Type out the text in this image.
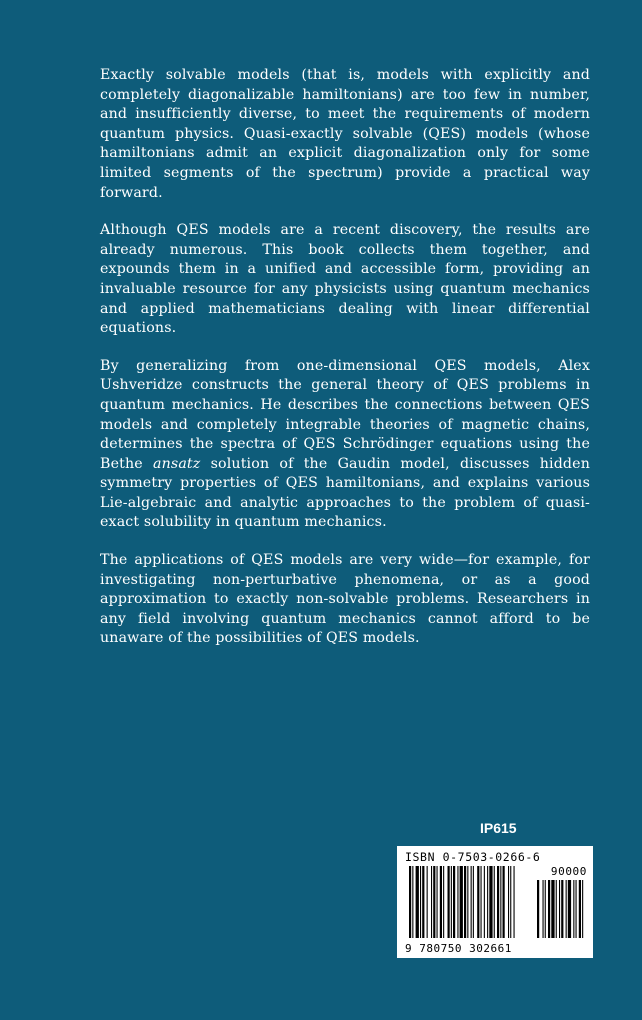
Exactly solvable models (that is, models with explicitly and completely diagonalizable hamiltonians) are too few in number, and insufficiently diverse, to meet the requirements of modern quantum physics. Quasi-exactly solvable (QES) models (whose hamiltonians admit an explicit diagonalization only for some limited segments of the spectrum) provide a practical way forward.

Although QES models are a recent discovery, the results are already numerous. This book collects them together, and expounds them in a unified and accessible form, providing an invaluable resource for any physicists using quantum mechanics and applied mathematicians dealing with linear differential equations.

By generalizing from one-dimensional QES models, Alex Ushveridze constructs the general theory of QES problems in quantum mechanics. He describes the connections between QES models and completely integrable theories of magnetic chains, determines the spectra of QES Schrödinger equations using the Bethe ansatz solution of the Gaudin model, discusses hidden symmetry properties of QES hamiltonians, and explains various Lie-algebraic and analytic approaches to the problem of quasi-exact solubility in quantum mechanics.

The applications of QES models are very wide—for example, for investigating non-perturbative phenomena, or as a good approximation to exactly non-solvable problems. Researchers in any field involving quantum mechanics cannot afford to be unaware of the possibilities of QES models.

IP615
ISBN 0-7503-0266-6
90000
9 780750 302661
